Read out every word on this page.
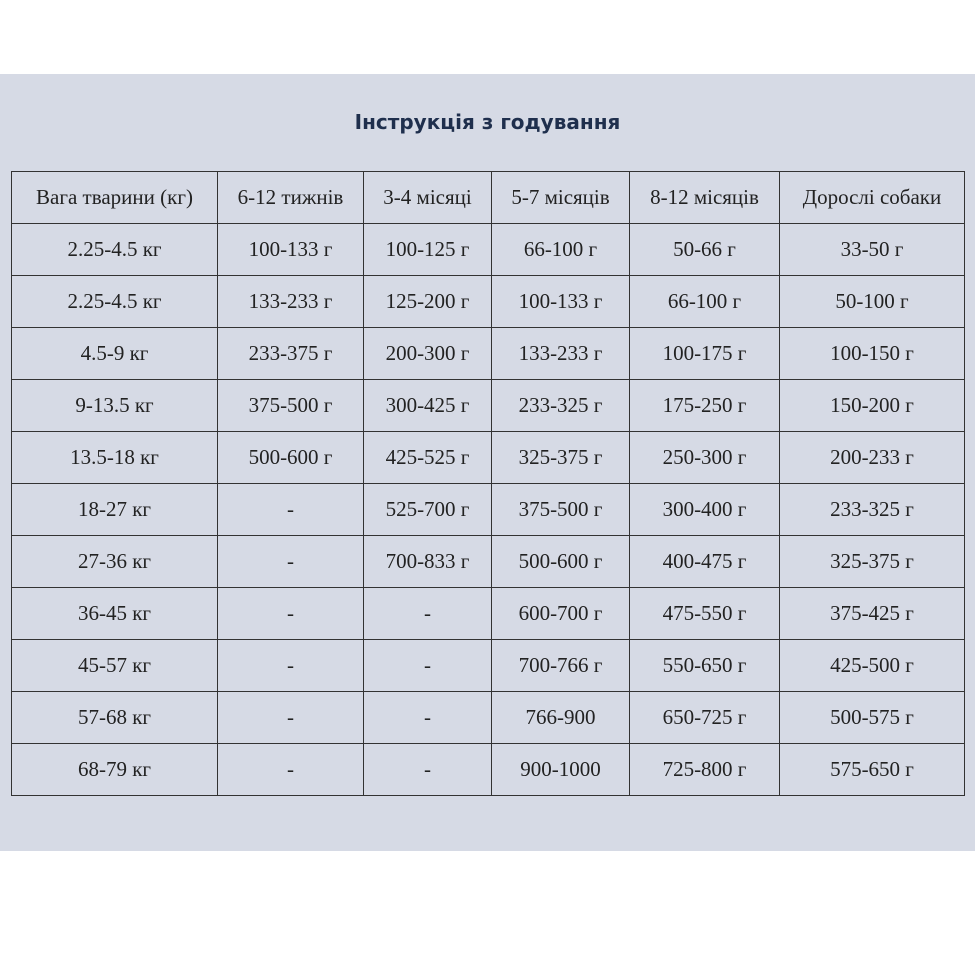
Інструкція з годування
Вага тварини (кг)	6-12 тижнів	3-4 місяці	5-7 місяців	8-12 місяців	Дорослі собаки
2.25-4.5 кг	100-133 г	100-125 г	66-100 г	50-66 г	33-50 г
2.25-4.5 кг	133-233 г	125-200 г	100-133 г	66-100 г	50-100 г
4.5-9 кг	233-375 г	200-300 г	133-233 г	100-175 г	100-150 г
9-13.5 кг	375-500 г	300-425 г	233-325 г	175-250 г	150-200 г
13.5-18 кг	500-600 г	425-525 г	325-375 г	250-300 г	200-233 г
18-27 кг	-	525-700 г	375-500 г	300-400 г	233-325 г
27-36 кг	-	700-833 г	500-600 г	400-475 г	325-375 г
36-45 кг	-	-	600-700 г	475-550 г	375-425 г
45-57 кг	-	-	700-766 г	550-650 г	425-500 г
57-68 кг	-	-	766-900	650-725 г	500-575 г
68-79 кг	-	-	900-1000	725-800 г	575-650 г
